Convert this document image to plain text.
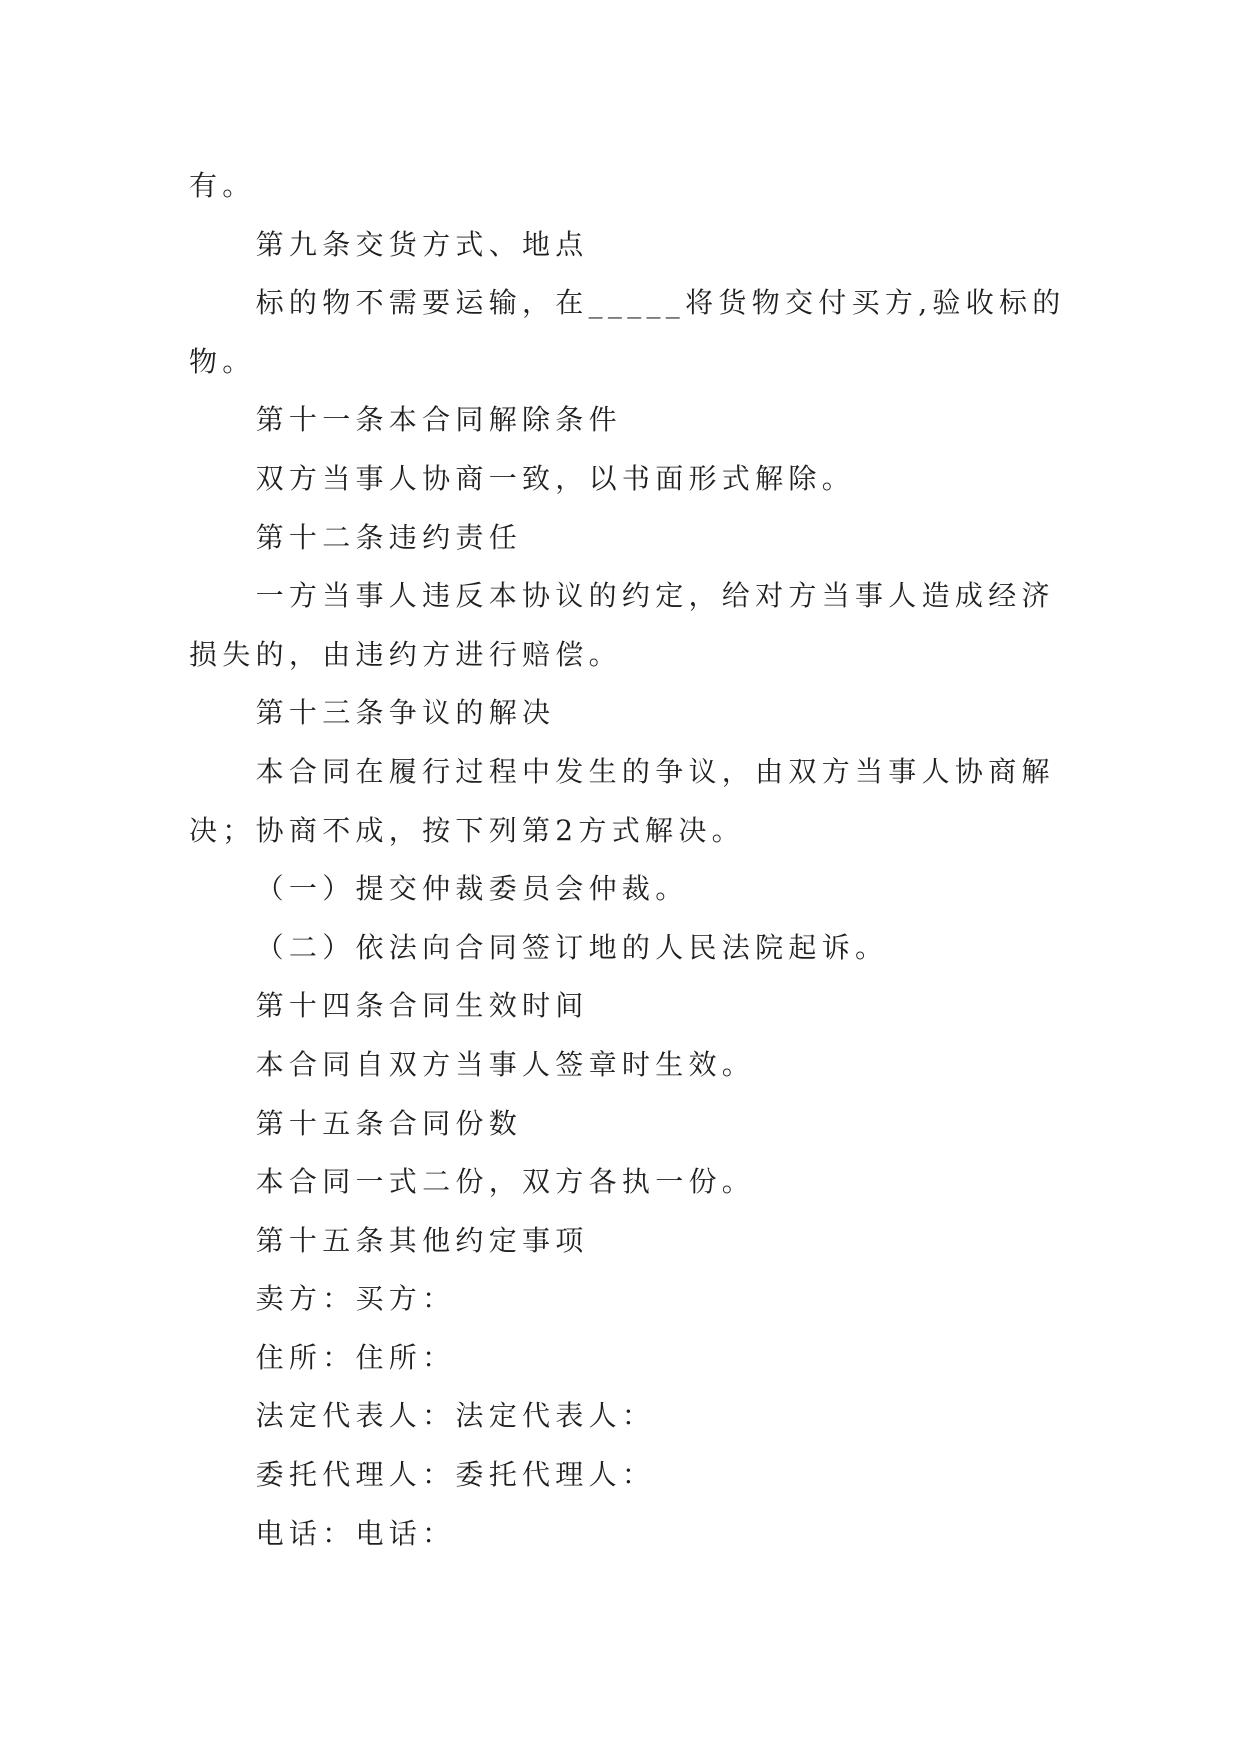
有。
第九条交货方式、地点
标的物不需要运输，在_____将货物交付买方,验收标的
物。
第十一条本合同解除条件
双方当事人协商一致，以书面形式解除。
第十二条违约责任
一方当事人违反本协议的约定，给对方当事人造成经济
损失的，由违约方进行赔偿。
第十三条争议的解决
本合同在履行过程中发生的争议，由双方当事人协商解
决；协商不成，按下列第2方式解决。
（一）提交仲裁委员会仲裁。
（二）依法向合同签订地的人民法院起诉。
第十四条合同生效时间
本合同自双方当事人签章时生效。
第十五条合同份数
本合同一式二份，双方各执一份。
第十五条其他约定事项
卖方：买方：
住所：住所：
法定代表人：法定代表人：
委托代理人：委托代理人：
电话：电话：
